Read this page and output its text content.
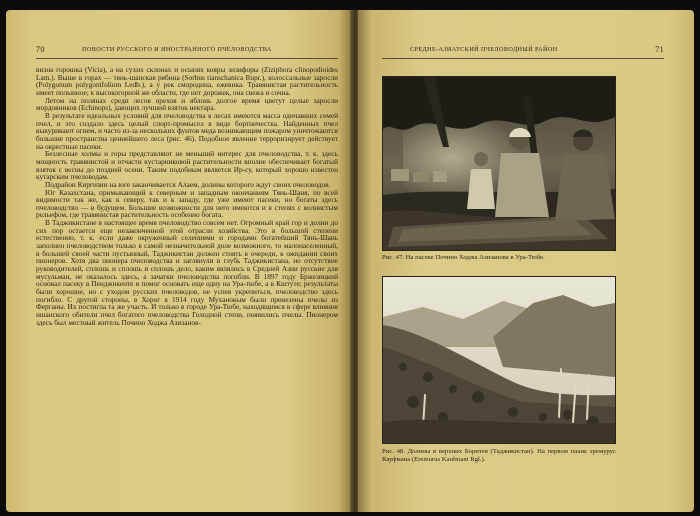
70	ПОВОСТИ РУССКОГО И ИНОСТРАННОГО ПЧЕЛОВОДСТВА

визна горошка (Vicia), а на сухих склонах и осыпях ковры зизифоры (Ziziphora clinopodioides Lam.). Выше в горах — тянь-шанская рябина (Sorbus tianschanica Rupr.), колоссальные заросли (Polygonum polygonifolium Ledb.), а у рек смородина, ежевика. Травянистая растительность имеет полынное; к высокогорной же области, где нет дорожек, она свежа и сочна.

Летом на полянах среди лесов орехов и яблонь долгое время цветут целые заросли мордовников (Echinops), дающих лучший взяток нектара.

В результате идеальных условий для пчеловодства в лесах имеются масса одичавших семей пчел, и это создало здесь целый спорт-промысел в виде бортничества. Найденных пчел выкуривают огнем, и часто из-за нескольких фунтов меда возникающим пожаром уничтожаются большие пространства ценнейшего леса (рис. 46). Подобное явление терроризирует действует на окрестные пасеки.

Безлесные холмы и горы представляют не меньший интерес для пчеловодства, т. к. здесь мощность травянистой и отчасти кустарниковой растительности вполне обеспечивает богатый взяток с весны до поздней осени. Таким подобным является Ир-су, который хорошо известен кутарским пчеловодам.

Подрайон Киргизии на юге заканчивается Алаем, долины которого ждут своих пчеловодов.

Юг Казахстана, примыкающий к северным и западным окончаниям Тянь-Шаня, по всей видимости так же, как к северу, так и к западу, где уже имеют пасеки, но богаты здесь пчеловодство — в будущем. Большие возможности для него имеются и в степях с волнистым рельефом, где травянистая растительность особенно богата.

В Таджикистане в настоящее время пчеловодство совсем нет. Огромный край гор и долин до сих пор остается еще незаконченной этой отрасли хозяйства. Это в большой степени естественно, т. к. если даже окруженный селениями и городами богатейший Тянь-Шань заполнен пчеловодством только в самой незначительной доле возможного, то малонаселенный, в большей своей части пустынный, Таджикистан должен стоять в очереди, в ожидании своих пионеров. Хотя два пионера пчеловодства и заглянули в глубь Таджикистана, но отсутствие руководителей, сплошь и сплошь и сплошь дело, каким являлись в Средней Азии русские для мусульман, не оказалось здесь, а зачатки пчеловодства погибли. В 1897 году Бржезицкий основал пасеку в Пенджикенте и помог основать еще одну на Ура-тюбе, а в Кштуте; результаты были хорошие, но с уходом русских пчеловодов, не успев укрепиться, пчеловодство здесь погибло. С другой стороны, в Хорог в 1914 году Мухановым были привезены пчелы из Ферганы. Их постигла та же участь. И только в городе Ура-Тюбе, находящимся в сфере влияния ишанского обители пчел богатого пчеловодства Голодной степи, появились пчелы. Пионером здесь был местный житель Почино Ходжа Азизанов-

СРЕДНЕ-АЗИАТСКИЙ ПЧЕЛОВОДНЫЙ РАЙОН	71
Рис. 47. На пасеке Почино Ходжа Азизанова в Ура-Тюбе.
Рис. 48. Долины в верхних Боритея (Таджикистан). На первом плане эремурус Кауфмана (Eremurus Kaufmani Rgl.).
